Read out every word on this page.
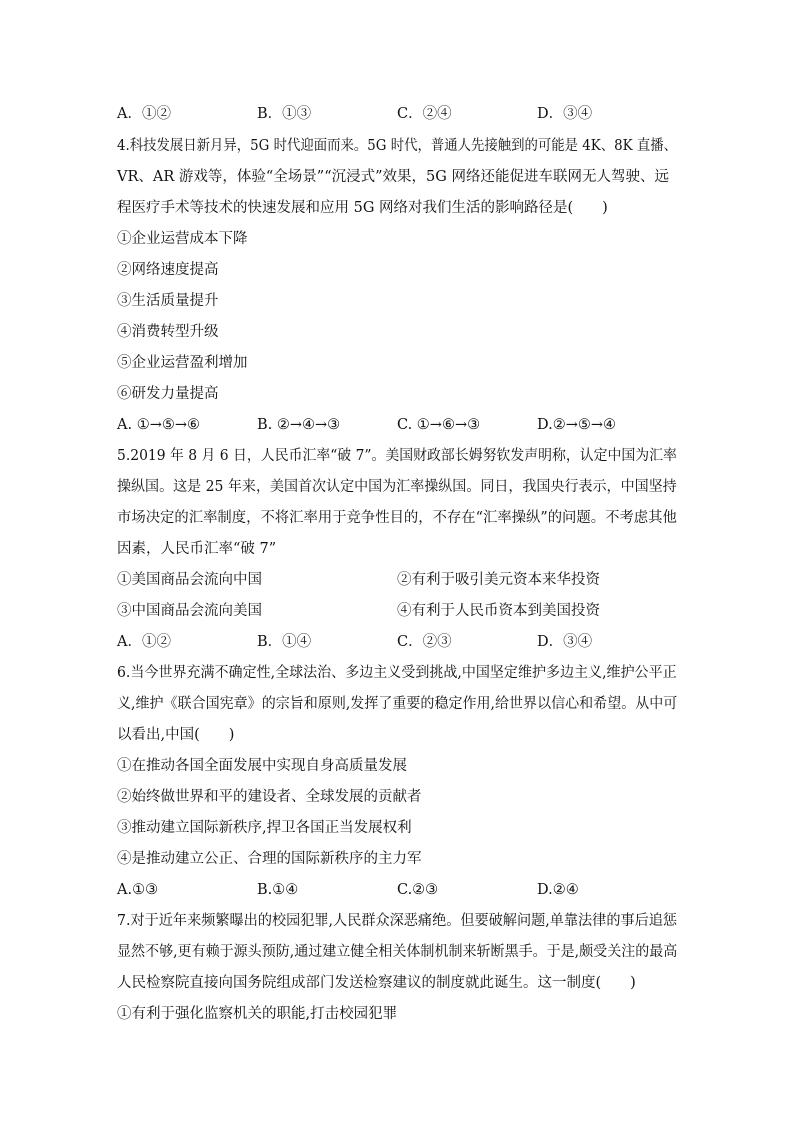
A．①②	B．①③	C．②④	D．③④
4.科技发展日新月异，5G 时代迎面而来。5G 时代，普通人先接触到的可能是 4K、8K 直播、
VR、AR 游戏等，体验“全场景”“沉浸式”效果，5G 网络还能促进车联网无人驾驶、远
程医疗手术等技术的快速发展和应用 5G 网络对我们生活的影响路径是(　　)
①企业运营成本下降
②网络速度提高
③生活质量提升
④消费转型升级
⑤企业运营盈利增加
⑥研发力量提高
A. ①→⑤→⑥	B. ②→④→③	C. ①→⑥→③	D.②→⑤→④
5.2019 年 8 月 6 日，人民币汇率“破 7”。美国财政部长姆努钦发声明称，认定中国为汇率
操纵国。这是 25 年来，美国首次认定中国为汇率操纵国。同日，我国央行表示，中国坚持
市场决定的汇率制度，不将汇率用于竞争性目的，不存在“汇率操纵”的问题。不考虑其他
因素，人民币汇率“破 7”
①美国商品会流向中国	②有利于吸引美元资本来华投资
③中国商品会流向美国	④有利于人民币资本到美国投资
A．①②	B．①④	C．②③	D．③④
6.当今世界充满不确定性,全球法治、多边主义受到挑战,中国坚定维护多边主义,维护公平正
义,维护《联合国宪章》的宗旨和原则,发挥了重要的稳定作用,给世界以信心和希望。从中可
以看出,中国(　　)
①在推动各国全面发展中实现自身高质量发展
②始终做世界和平的建设者、全球发展的贡献者
③推动建立国际新秩序,捍卫各国正当发展权利
④是推动建立公正、合理的国际新秩序的主力军
A.①③	B.①④	C.②③	D.②④
7.对于近年来频繁曝出的校园犯罪,人民群众深恶痛绝。但要破解问题,单靠法律的事后追惩
显然不够,更有赖于源头预防,通过建立健全相关体制机制来斩断黑手。于是,颇受关注的最高
人民检察院直接向国务院组成部门发送检察建议的制度就此诞生。这一制度(　　)
①有利于强化监察机关的职能,打击校园犯罪
